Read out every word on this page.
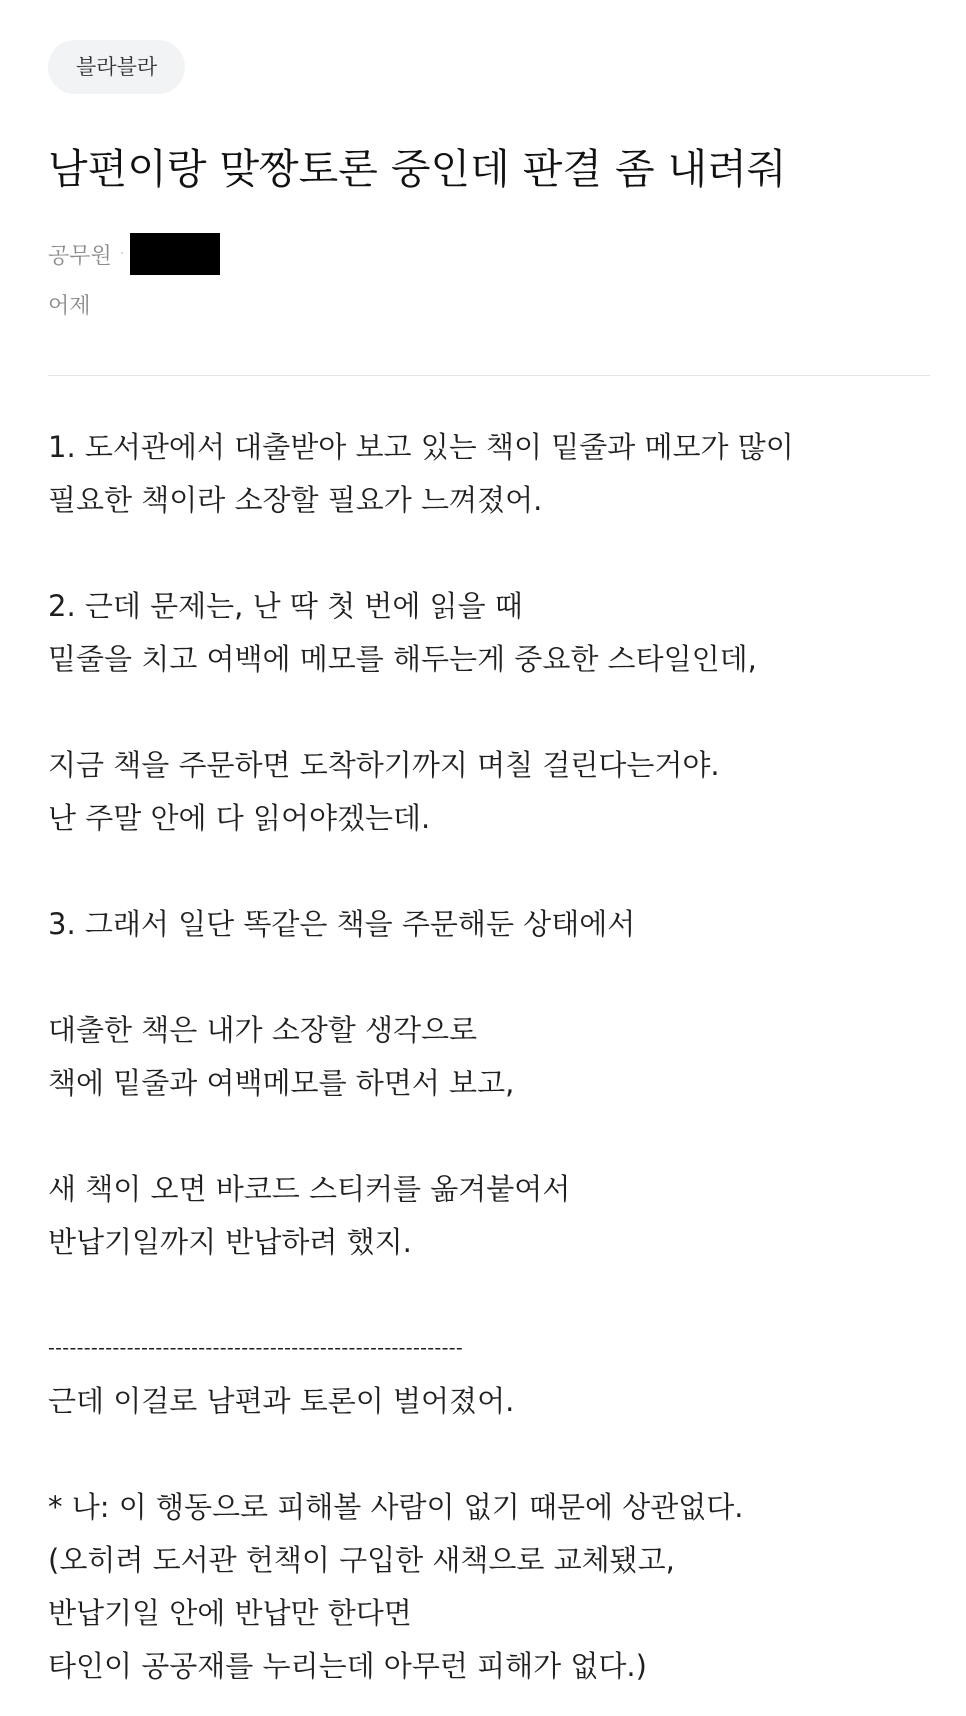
블라블라
남편이랑 맞짱토론 중인데 판결 좀 내려줘
공무원 ·
어제
1. 도서관에서 대출받아 보고 있는 책이 밑줄과 메모가 많이
필요한 책이라 소장할 필요가 느껴졌어.
2. 근데 문제는, 난 딱 첫 번에 읽을 때
밑줄을 치고 여백에 메모를 해두는게 중요한 스타일인데,
지금 책을 주문하면 도착하기까지 며칠 걸린다는거야.
난 주말 안에 다 읽어야겠는데.
3. 그래서 일단 똑같은 책을 주문해둔 상태에서
대출한 책은 내가 소장할 생각으로
책에 밑줄과 여백메모를 하면서 보고,
새 책이 오면 바코드 스티커를 옮겨붙여서
반납기일까지 반납하려 했지.
----------------------------------------------------------
근데 이걸로 남편과 토론이 벌어졌어.
* 나: 이 행동으로 피해볼 사람이 없기 때문에 상관없다.
(오히려 도서관 헌책이 구입한 새책으로 교체됐고,
반납기일 안에 반납만 한다면
타인이 공공재를 누리는데 아무런 피해가 없다.)
